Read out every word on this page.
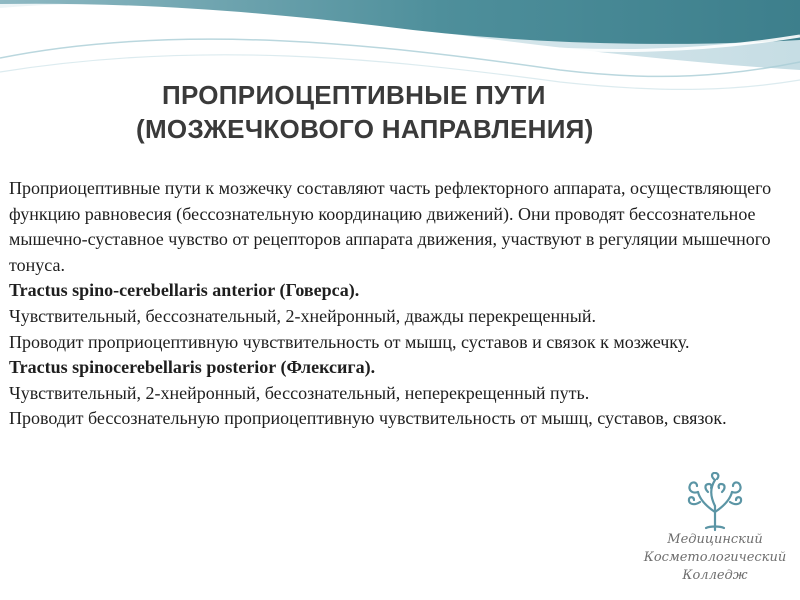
ПРОПРИОЦЕПТИВНЫЕ ПУТИ
(МОЗЖЕЧКОВОГО НАПРАВЛЕНИЯ)

Проприоцептивные пути к мозжечку составляют часть рефлекторного аппарата, осуществляющего функцию равновесия (бессознательную координацию движений). Они проводят бессознательное мышечно-суставное чувство от рецепторов аппарата движения, участвуют в регуляции мышечного тонуса.

Tractus spino-cerebellaris anterior (Говерса).

Чувствительный, бессознательный, 2-хнейронный, дважды перекрещенный.

Проводит проприоцептивную чувствительность от мышц, суставов и связок к мозжечку.

Tractus spinocerebellaris posterior (Флексига).

Чувствительный, 2-хнейронный, бессознательный, неперекрещенный путь.

Проводит бессознательную проприоцептивную чувствительность от мышц, суставов, связок.

Медицинский
Косметологический
Колледж
